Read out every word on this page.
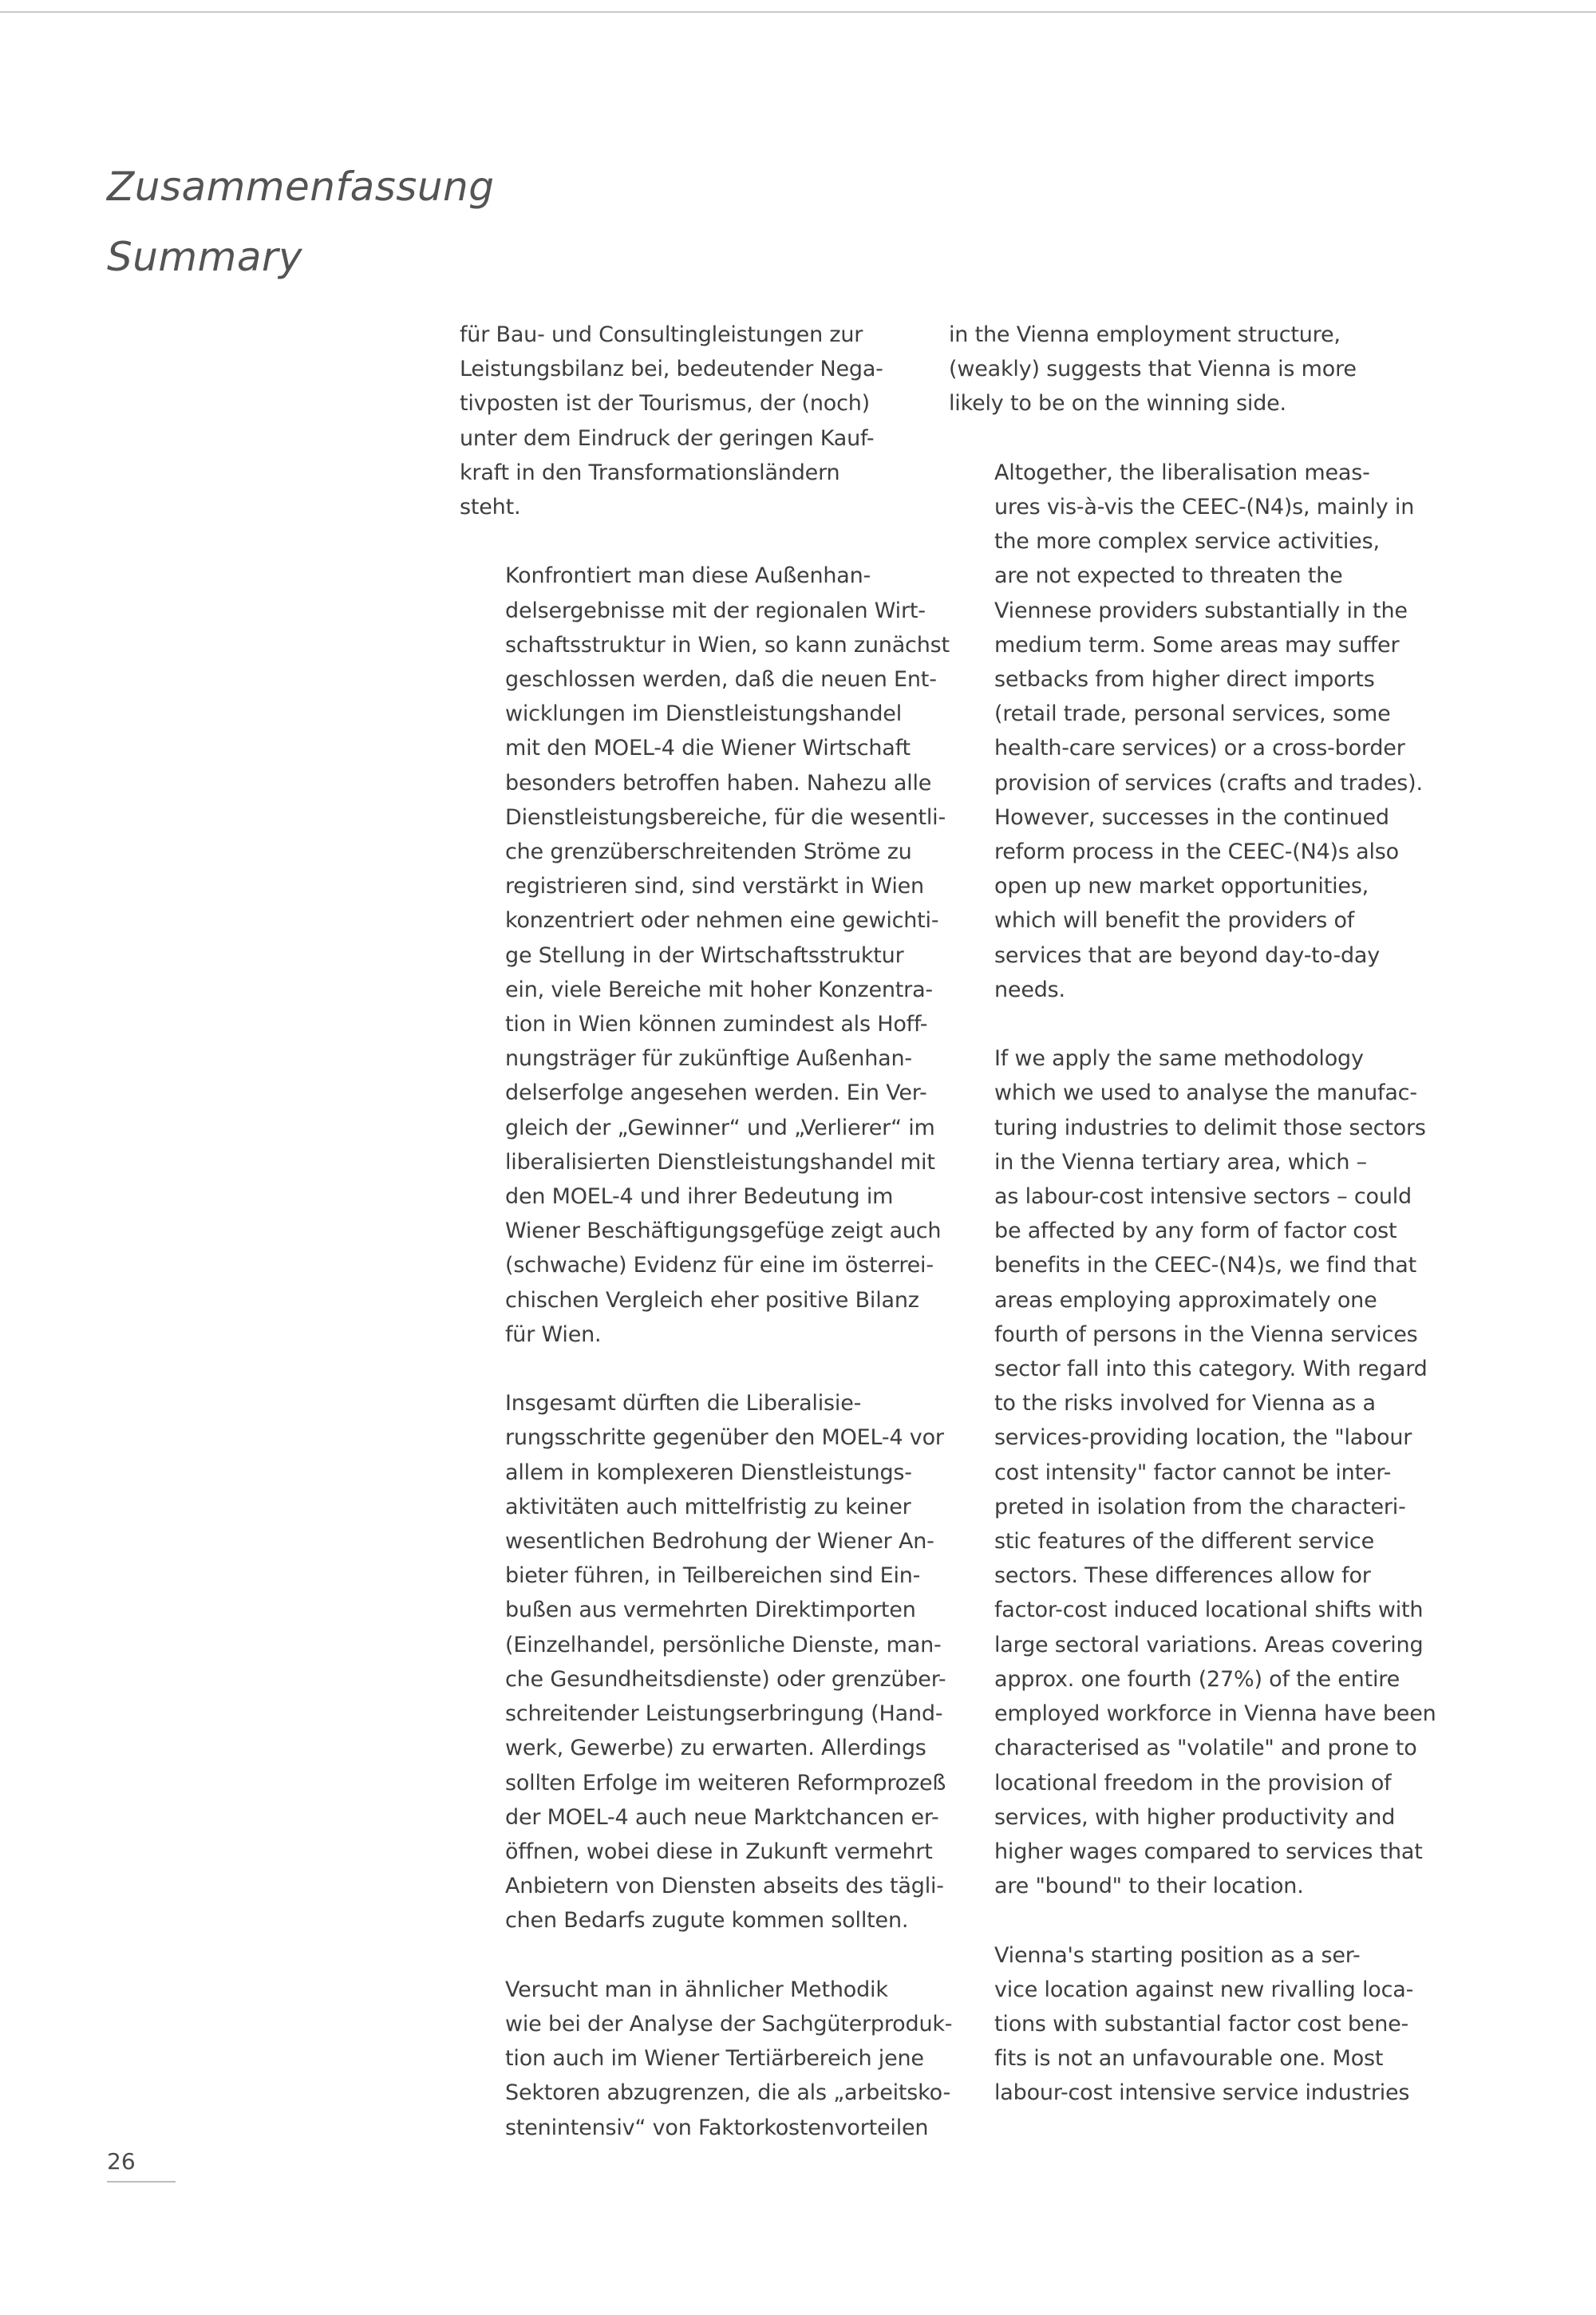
Zusammenfassung
Summary
für Bau- und Consultingleistungen zur
Leistungsbilanz bei, bedeutender Nega-
tivposten ist der Tourismus, der (noch)
unter dem Eindruck der geringen Kauf-
kraft in den Transformationsländern
steht.
Konfrontiert man diese Außenhan-
delsergebnisse mit der regionalen Wirt-
schaftsstruktur in Wien, so kann zunächst
geschlossen werden, daß die neuen Ent-
wicklungen im Dienstleistungshandel
mit den MOEL-4 die Wiener Wirtschaft
besonders betroffen haben. Nahezu alle
Dienstleistungsbereiche, für die wesentli-
che grenzüberschreitenden Ströme zu
registrieren sind, sind verstärkt in Wien
konzentriert oder nehmen eine gewichti-
ge Stellung in der Wirtschaftsstruktur
ein, viele Bereiche mit hoher Konzentra-
tion in Wien können zumindest als Hoff-
nungsträger für zukünftige Außenhan-
delserfolge angesehen werden. Ein Ver-
gleich der „Gewinner“ und „Verlierer“ im
liberalisierten Dienstleistungshandel mit
den MOEL-4 und ihrer Bedeutung im
Wiener Beschäftigungsgefüge zeigt auch
(schwache) Evidenz für eine im österrei-
chischen Vergleich eher positive Bilanz
für Wien.
Insgesamt dürften die Liberalisie-
rungsschritte gegenüber den MOEL-4 vor
allem in komplexeren Dienstleistungs-
aktivitäten auch mittelfristig zu keiner
wesentlichen Bedrohung der Wiener An-
bieter führen, in Teilbereichen sind Ein-
bußen aus vermehrten Direktimporten
(Einzelhandel, persönliche Dienste, man-
che Gesundheitsdienste) oder grenzüber-
schreitender Leistungserbringung (Hand-
werk, Gewerbe) zu erwarten. Allerdings
sollten Erfolge im weiteren Reformprozeß
der MOEL-4 auch neue Marktchancen er-
öffnen, wobei diese in Zukunft vermehrt
Anbietern von Diensten abseits des tägli-
chen Bedarfs zugute kommen sollten.
Versucht man in ähnlicher Methodik
wie bei der Analyse der Sachgüterproduk-
tion auch im Wiener Tertiärbereich jene
Sektoren abzugrenzen, die als „arbeitsko-
stenintensiv“ von Faktorkostenvorteilen
in the Vienna employment structure,
(weakly) suggests that Vienna is more
likely to be on the winning side.
Altogether, the liberalisation meas-
ures vis-à-vis the CEEC-(N4)s, mainly in
the more complex service activities,
are not expected to threaten the
Viennese providers substantially in the
medium term. Some areas may suffer
setbacks from higher direct imports
(retail trade, personal services, some
health-care services) or a cross-border
provision of services (crafts and trades).
However, successes in the continued
reform process in the CEEC-(N4)s also
open up new market opportunities,
which will benefit the providers of
services that are beyond day-to-day
needs.
If we apply the same methodology
which we used to analyse the manufac-
turing industries to delimit those sectors
in the Vienna tertiary area, which –
as labour-cost intensive sectors – could
be affected by any form of factor cost
benefits in the CEEC-(N4)s, we find that
areas employing approximately one
fourth of persons in the Vienna services
sector fall into this category. With regard
to the risks involved for Vienna as a
services-providing location, the "labour
cost intensity" factor cannot be inter-
preted in isolation from the characteri-
stic features of the different service
sectors. These differences allow for
factor-cost induced locational shifts with
large sectoral variations. Areas covering
approx. one fourth (27%) of the entire
employed workforce in Vienna have been
characterised as "volatile" and prone to
locational freedom in the provision of
services, with higher productivity and
higher wages compared to services that
are "bound" to their location.
Vienna's starting position as a ser-
vice location against new rivalling loca-
tions with substantial factor cost bene-
fits is not an unfavourable one. Most
labour-cost intensive service industries
26
